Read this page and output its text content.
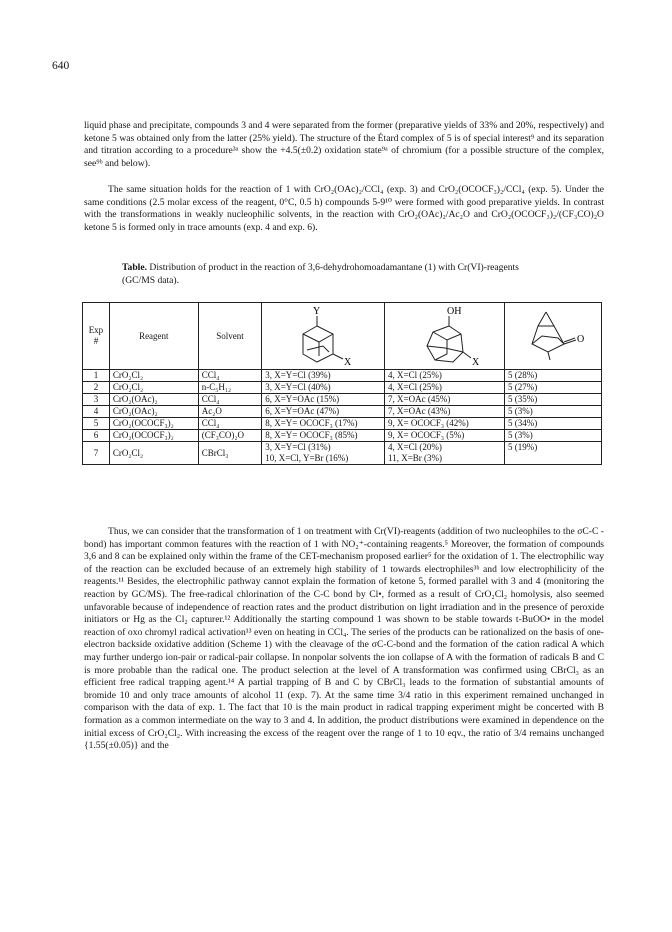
640

liquid phase and precipitate, compounds 3 and 4 were separated from the former (preparative yields of 33% and 20%, respectively) and ketone 5 was obtained only from the latter (25% yield). The structure of the Étard complex of 5 is of special interest⁹ and its separation and titration according to a procedure³ᵃ show the +4.5(±0.2) oxidation state⁹ᵃ of chromium (for a possible structure of the complex, see⁹ᵇ and below).

The same situation holds for the reaction of 1 with CrO₂(OAc)₂/CCl₄ (exp. 3) and CrO₂(OCOCF₃)₂/CCl₄ (exp. 5). Under the same conditions (2.5 molar excess of the reagent, 0°C, 0.5 h) compounds 5-9¹⁰ were formed with good preparative yields. In contrast with the transformations in weakly nucleophilic solvents, in the reaction with CrO₂(OAc)₂/Ac₂O and CrO₂(OCOCF₃)₂/(CF₃CO)₂O ketone 5 is formed only in trace amounts (exp. 4 and exp. 6).

Table. Distribution of product in the reaction of 3,6-dehydrohomoadamantane (1) with Cr(VI)-reagents (GC/MS data).
Exp #	Reagent	Solvent	Y
X	OH
X	O

1	CrO₂Cl₂	CCl₄	3, X=Y=Cl (39%)	4, X=Cl (25%)	5 (28%)
2	CrO₂Cl₂	n-C₅H₁₂	3, X=Y=Cl (40%)	4, X=Cl (25%)	5 (27%)
3	CrO₂(OAc)₂	CCl₄	6, X=Y=OAc (15%)	7, X=OAc (45%)	5 (35%)
4	CrO₂(OAc)₂	Ac₂O	6, X=Y=OAc (47%)	7, X=OAc (43%)	5 (3%)
5	CrO₂(OCOCF₃)₂	CCl₄	8, X=Y= OCOCF₃ (17%)	9, X= OCOCF₃ (42%)	5 (34%)
6	CrO₂(OCOCF₃)₂	(CF₃CO)₂O	8, X=Y= OCOCF₃ (85%)	9, X= OCOCF₃ (5%)	5 (3%)
7	CrO₂Cl₂	CBrCl₃	3, X=Y=Cl (31%)	4, X=Cl (20%)	5 (19%)
			10, X=Cl, Y=Br (16%)	11, X=Br (3%)	

Thus, we can consider that the transformation of 1 on treatment with Cr(VI)-reagents (addition of two nucleophiles to the σC-C -bond) has important common features with the reaction of 1 with NO₂⁺-containing reagents.⁵ Moreover, the formation of compounds 3,6 and 8 can be explained only within the frame of the CET-mechanism proposed earlier⁵ for the oxidation of 1. The electrophilic way of the reaction can be excluded because of an extremely high stability of 1 towards electrophiles³ᵇ and low electrophilicity of the reagents.¹¹ Besides, the electrophilic pathway cannot explain the formation of ketone 5, formed parallel with 3 and 4 (monitoring the reaction by GC/MS). The free-radical chlorination of the C-C bond by Cl•, formed as a result of CrO₂Cl₂ homolysis, also seemed unfavorable because of independence of reaction rates and the product distribution on light irradiation and in the presence of peroxide initiators or Hg as the Cl₂ capturer.¹² Additionally the starting compound 1 was shown to be stable towards t-BuOO• in the model reaction of oxo chromyl radical activation¹³ even on heating in CCl₄. The series of the products can be rationalized on the basis of one-electron backside oxidative addition (Scheme 1) with the cleavage of the σC-C-bond and the formation of the cation radical A which may further undergo ion-pair or radical-pair collapse. In nonpolar solvents the ion collapse of A with the formation of radicals B and C is more probable than the radical one. The product selection at the level of A transformation was confirmed using CBrCl₃ as an efficient free radical trapping agent.¹⁴ A partial trapping of B and C by CBrCl₃ leads to the formation of substantial amounts of bromide 10 and only trace amounts of alcohol 11 (exp. 7). At the same time 3/4 ratio in this experiment remained unchanged in comparison with the data of exp. 1. The fact that 10 is the main product in radical trapping experiment might be concerted with B formation as a common intermediate on the way to 3 and 4. In addition, the product distributions were examined in dependence on the initial excess of CrO₂Cl₂. With increasing the excess of the reagent over the range of 1 to 10 eqv., the ratio of 3/4 remains unchanged {1.55(±0.05)} and the
